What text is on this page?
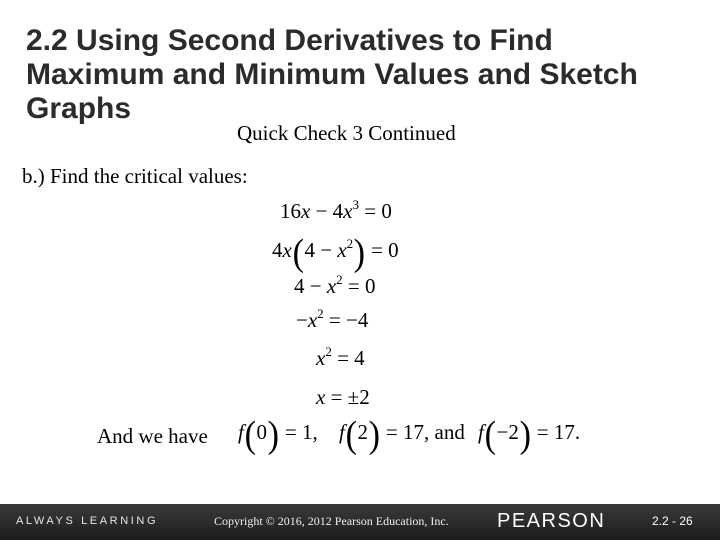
2.2 Using Second Derivatives to Find Maximum and Minimum Values and Sketch Graphs
Quick Check 3 Continued
b.) Find the critical values:
$16x - 4x^3 = 0$
$4x(4 - x^2) = 0$
$4 - x^2 = 0$
$-x^2 = -4$
$x^2 = 4$
x = ±2
And we have f(0) = 1, f(2) = 17, and f(−2) = 17.
ALWAYS LEARNING	Copyright © 2016, 2012 Pearson Education, Inc. PEARSON	2.2 - 26
